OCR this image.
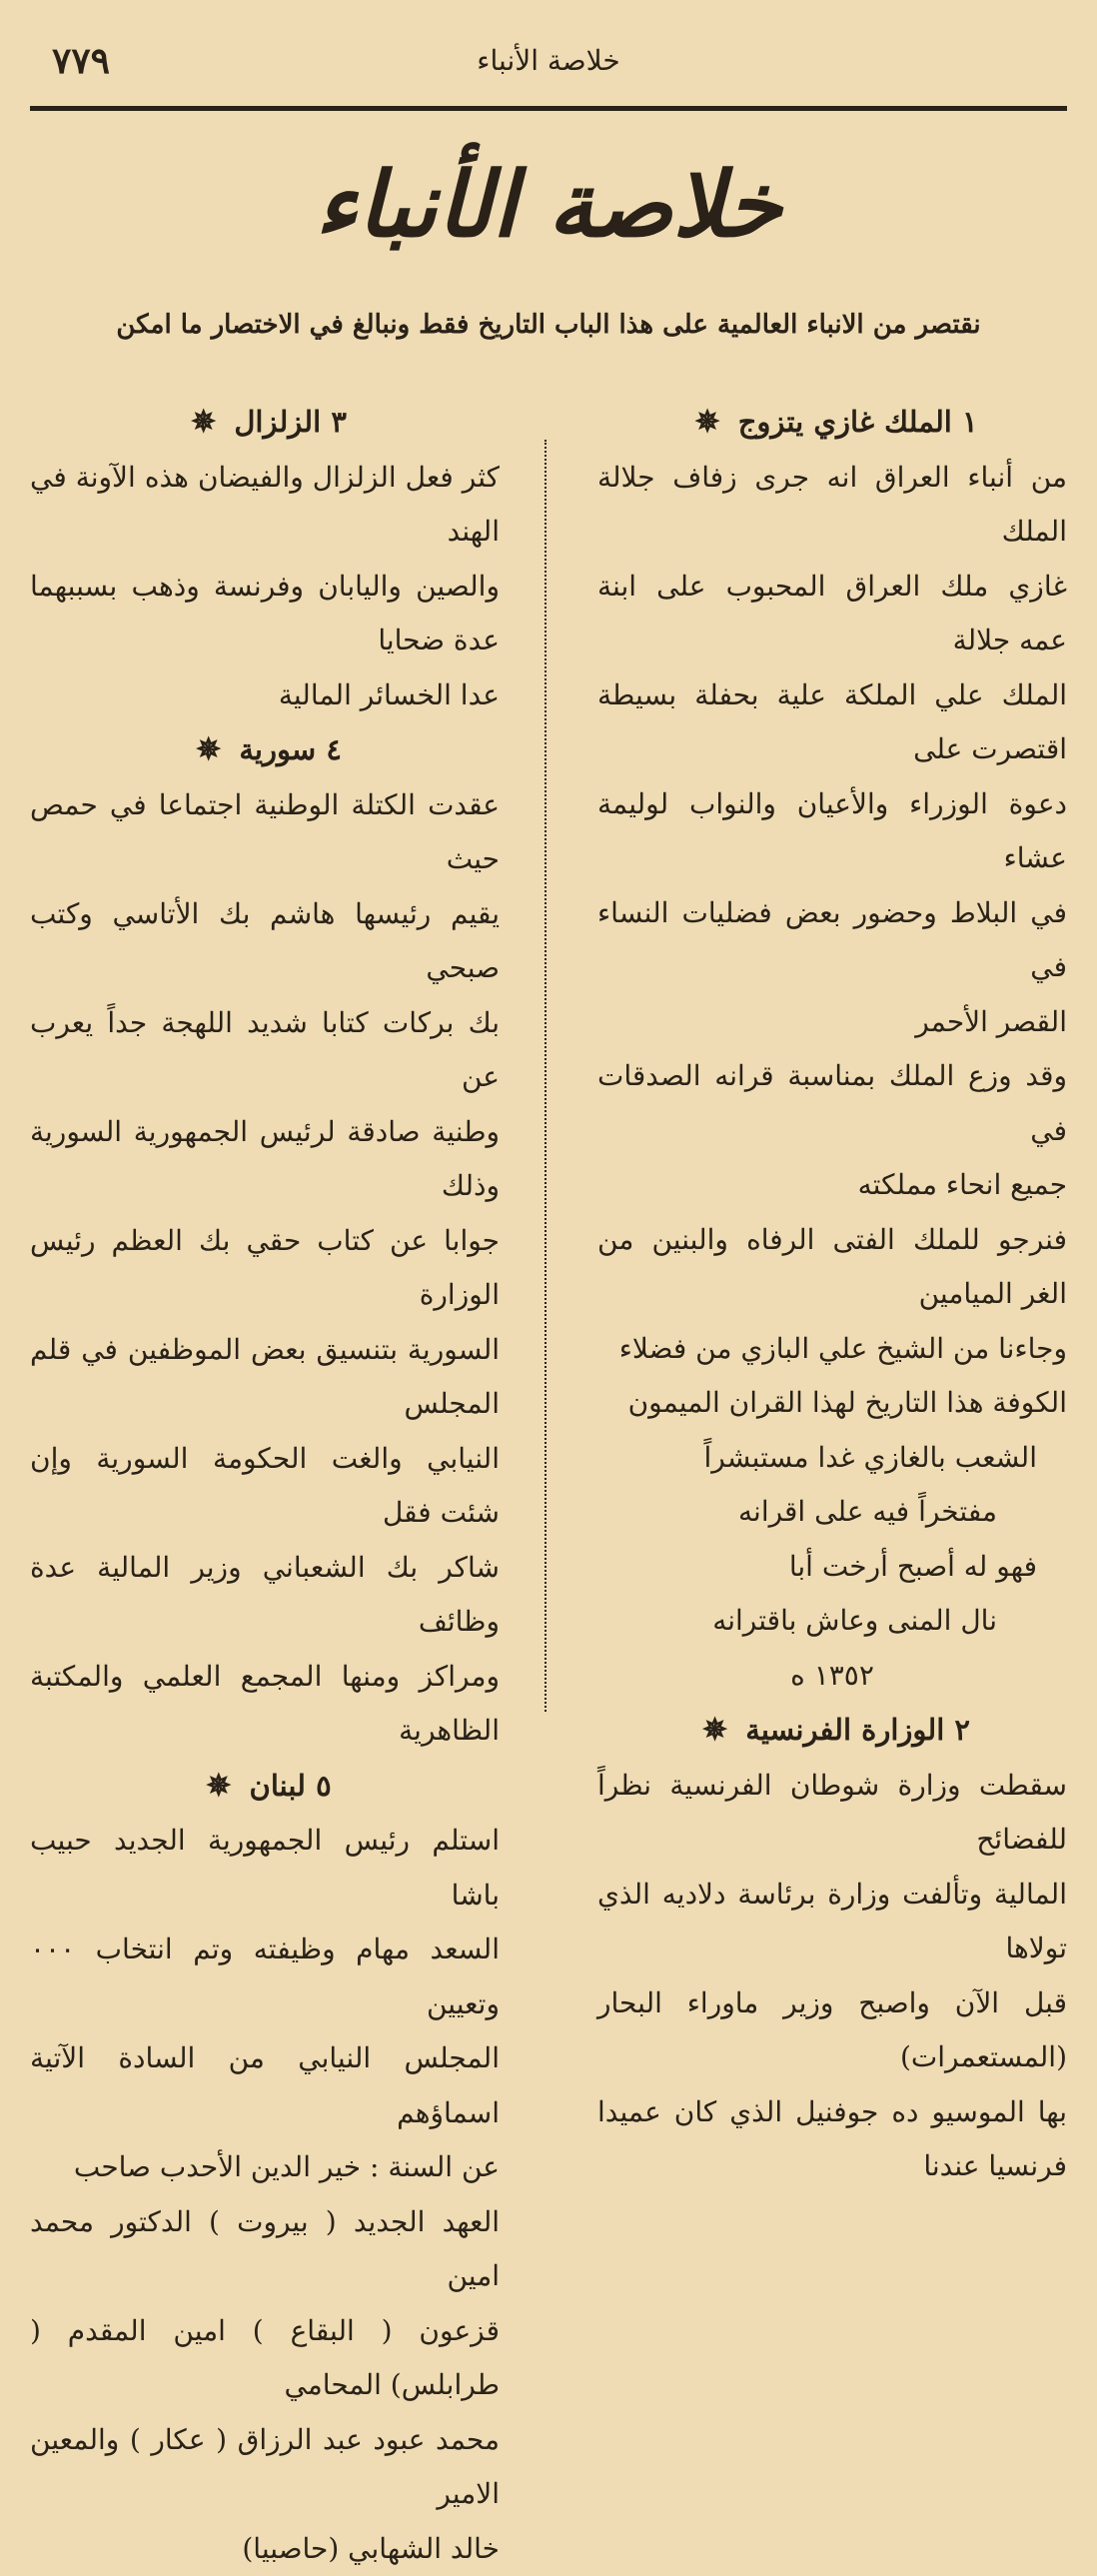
خلاصة الأنباء
٧٧٩
خلاصة الأنباء
نقتصر من الانباء العالمية على هذا الباب التاريخ فقط ونبالغ في الاختصار ما امكن
١ الملك غازي يتزوج ✵
من أنباء العراق انه جرى زفاف جلالة الملك
غازي ملك العراق المحبوب على ابنة عمه جلالة
الملك علي الملكة علية بحفلة بسيطة اقتصرت على
دعوة الوزراء والأعيان والنواب لوليمة عشاء
في البلاط وحضور بعض فضليات النساء في
القصر الأحمر
وقد وزع الملك بمناسبة قرانه الصدقات في
جميع انحاء مملكته
فنرجو للملك الفتى الرفاه والبنين من الغر الميامين
وجاءنا من الشيخ علي البازي من فضلاء
الكوفة هذا التاريخ لهذا القران الميمون
الشعب بالغازي غدا مستبشراً
مفتخراً فيه على اقرانه
فهو له أصبح أرخت أبا
نال المنى وعاش باقترانه
١٣٥٢ ه
٢ الوزارة الفرنسية ✵
سقطت وزارة شوطان الفرنسية نظراً للفضائح
المالية وتألفت وزارة برئاسة دلاديه الذي تولاها
قبل الآن واصبح وزير ماوراء البحار (المستعمرات)
بها الموسيو ده جوفنيل الذي كان عميدا فرنسيا عندنا
٣ الزلزال ✵
كثر فعل الزلزال والفيضان هذه الآونة في الهند
والصين واليابان وفرنسة وذهب بسببهما عدة ضحايا
عدا الخسائر المالية
٤ سورية ✵
عقدت الكتلة الوطنية اجتماعا في حمص حيث
يقيم رئيسها هاشم بك الأتاسي وكتب صبحي
بك بركات كتابا شديد اللهجة جداً يعرب عن
وطنية صادقة لرئيس الجمهورية السورية وذلك
جوابا عن كتاب حقي بك العظم رئيس الوزارة
السورية بتنسيق بعض الموظفين في قلم المجلس
النيابي والغت الحكومة السورية وإن شئت فقل
شاكر بك الشعباني وزير المالية عدة وظائف
ومراكز ومنها المجمع العلمي والمكتبة الظاهرية
٥ لبنان ✵
استلم رئيس الجمهورية الجديد حبيب باشا
السعد مهام وظيفته وتم انتخاب ٠٠٠ وتعيين
المجلس النيابي من السادة الآتية اسماؤهم
عن السنة : خير الدين الأحدب صاحب
العهد الجديد ( بيروت ) الدكتور محمد امين
قزعون ( البقاع ) امين المقدم ( طرابلس) المحامي
محمد عبود عبد الرزاق ( عكار ) والمعين الامير
خالد الشهابي (حاصبيا)
